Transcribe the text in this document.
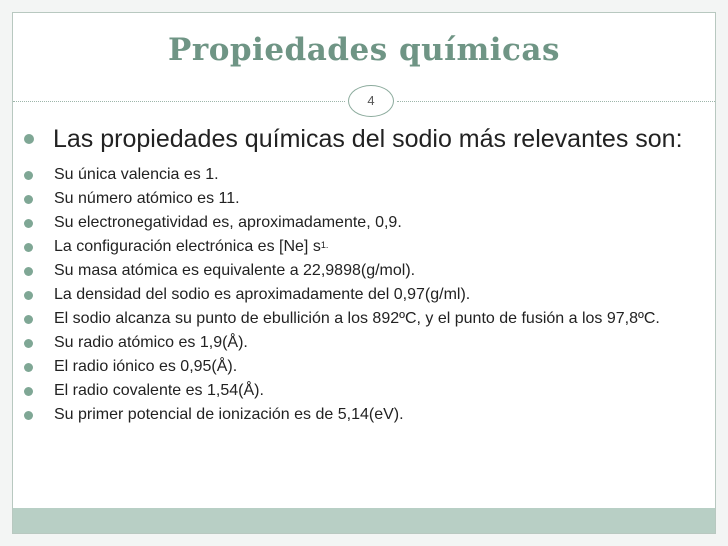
Propiedades químicas
4
Las propiedades químicas del sodio más relevantes son:
Su única valencia es 1.
Su número atómico es 11.
Su electronegatividad es, aproximadamente, 0,9.
La configuración electrónica es [Ne] $s^{1.}$
Su masa atómica es equivalente a 22,9898(g/mol).
La densidad del sodio es aproximadamente del 0,97(g/ml).
El sodio alcanza su punto de ebullición a los 892ºC, y el punto de fusión a los 97,8ºC.
Su radio atómico es 1,9(Å).
El radio iónico es 0,95(Å).
El radio covalente es 1,54(Å).
Su primer potencial de ionización es de 5,14(eV).
